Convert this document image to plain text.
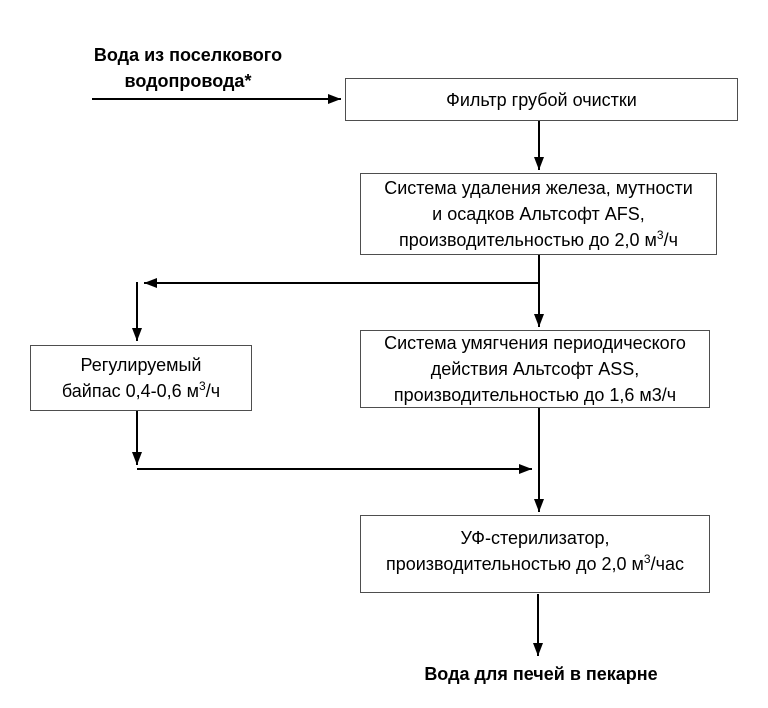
Вода из поселкового
водопровода*
Фильтр грубой очистки
Система удаления железа, мутности
и осадков Альтсофт AFS,
производительностью до 2,0 $м^3/ч$
Регулируемый
байпас 0,4-0,6 $м^3/ч$
Система умягчения периодического
действия Альтсофт ASS,
производительностью до 1,6 м3/ч
УФ-стерилизатор,
производительностью до 2,0 $м^3$/час
Вода для печей в пекарне
